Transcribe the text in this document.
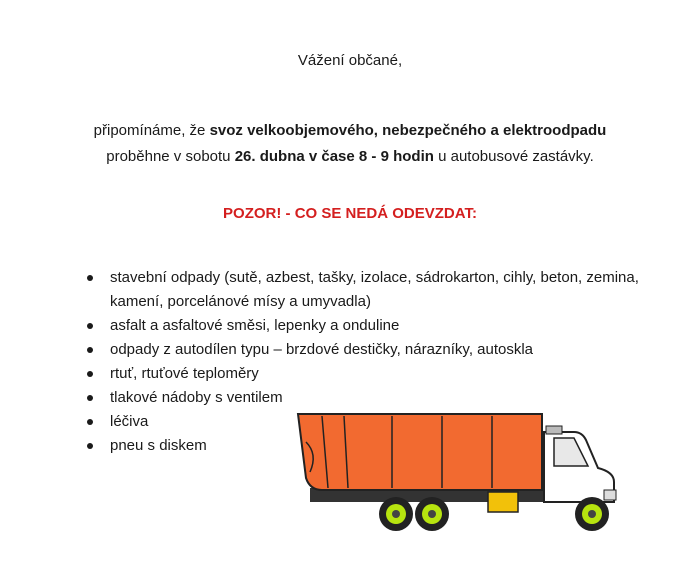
Vážení občané,
připomínáme, že svoz velkoobjemového, nebezpečného a elektroodpadu
proběhne v sobotu 26. dubna v čase 8 - 9 hodin u autobusové zastávky.
POZOR! - CO SE NEDÁ ODEVZDAT:
stavební odpady (sutě, azbest, tašky, izolace, sádrokarton, cihly, beton, zemina, kamení, porcelánové mísy a umyvadla)
asfalt a asfaltové směsi, lepenky a onduline
odpady z autodílen typu – brzdové destičky, nárazníky, autoskla
rtuť, rtuťové teploměry
tlakové nádoby s ventilem
léčiva
pneu s diskem
